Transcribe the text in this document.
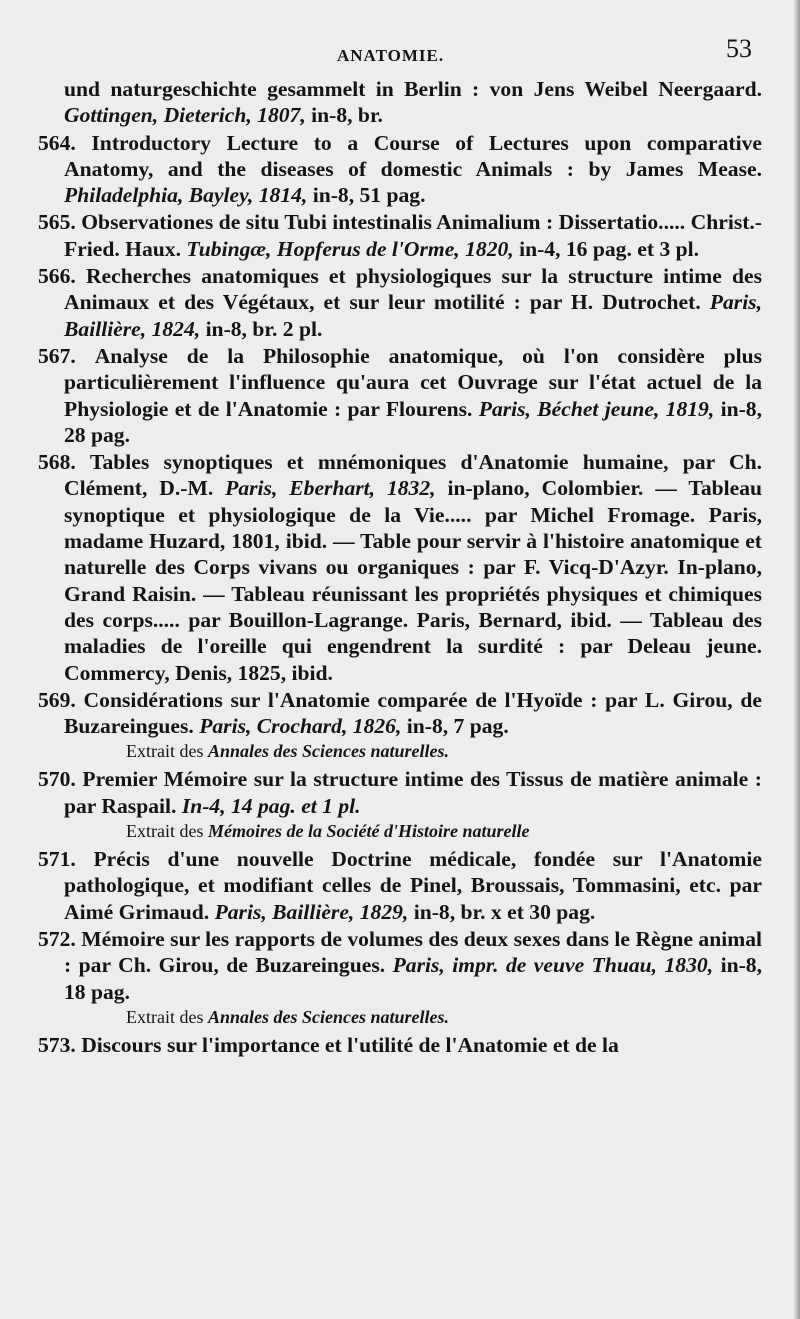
ANATOMIE.	53

und naturgeschichte gesammelt in Berlin : von Jens Weibel Neergaard. Gottingen, Dieterich, 1807, in-8, br.

564. Introductory Lecture to a Course of Lectures upon comparative Anatomy, and the diseases of domestic Animals : by James Mease. Philadelphia, Bayley, 1814, in-8, 51 pag.

565. Observationes de situ Tubi intestinalis Animalium : Dissertatio..... Christ.-Fried. Haux. Tubingæ, Hopferus de l'Orme, 1820, in-4, 16 pag. et 3 pl.

566. Recherches anatomiques et physiologiques sur la structure intime des Animaux et des Végétaux, et sur leur motilité : par H. Dutrochet. Paris, Baillière, 1824, in-8, br. 2 pl.

567. Analyse de la Philosophie anatomique, où l'on considère plus particulièrement l'influence qu'aura cet Ouvrage sur l'état actuel de la Physiologie et de l'Anatomie : par Flourens. Paris, Béchet jeune, 1819, in-8, 28 pag.

568. Tables synoptiques et mnémoniques d'Anatomie humaine, par Ch. Clément, D.-M. Paris, Eberhart, 1832, in-plano, Colombier. — Tableau synoptique et physiologique de la Vie..... par Michel Fromage. Paris, madame Huzard, 1801, ibid. — Table pour servir à l'histoire anatomique et naturelle des Corps vivans ou organiques : par F. Vicq-D'Azyr. In-plano, Grand Raisin. — Tableau réunissant les propriétés physiques et chimiques des corps..... par Bouillon-Lagrange. Paris, Bernard, ibid. — Tableau des maladies de l'oreille qui engendrent la surdité : par Deleau jeune. Commercy, Denis, 1825, ibid.

569. Considérations sur l'Anatomie comparée de l'Hyoïde : par L. Girou, de Buzareingues. Paris, Crochard, 1826, in-8, 7 pag.

Extrait des Annales des Sciences naturelles.

570. Premier Mémoire sur la structure intime des Tissus de matière animale : par Raspail. In-4, 14 pag. et 1 pl.

Extrait des Mémoires de la Société d'Histoire naturelle

571. Précis d'une nouvelle Doctrine médicale, fondée sur l'Anatomie pathologique, et modifiant celles de Pinel, Broussais, Tommasini, etc. par Aimé Grimaud. Paris, Baillière, 1829, in-8, br. x et 30 pag.

572. Mémoire sur les rapports de volumes des deux sexes dans le Règne animal : par Ch. Girou, de Buzareingues. Paris, impr. de veuve Thuau, 1830, in-8, 18 pag.

Extrait des Annales des Sciences naturelles.

573. Discours sur l'importance et l'utilité de l'Anatomie et de la
